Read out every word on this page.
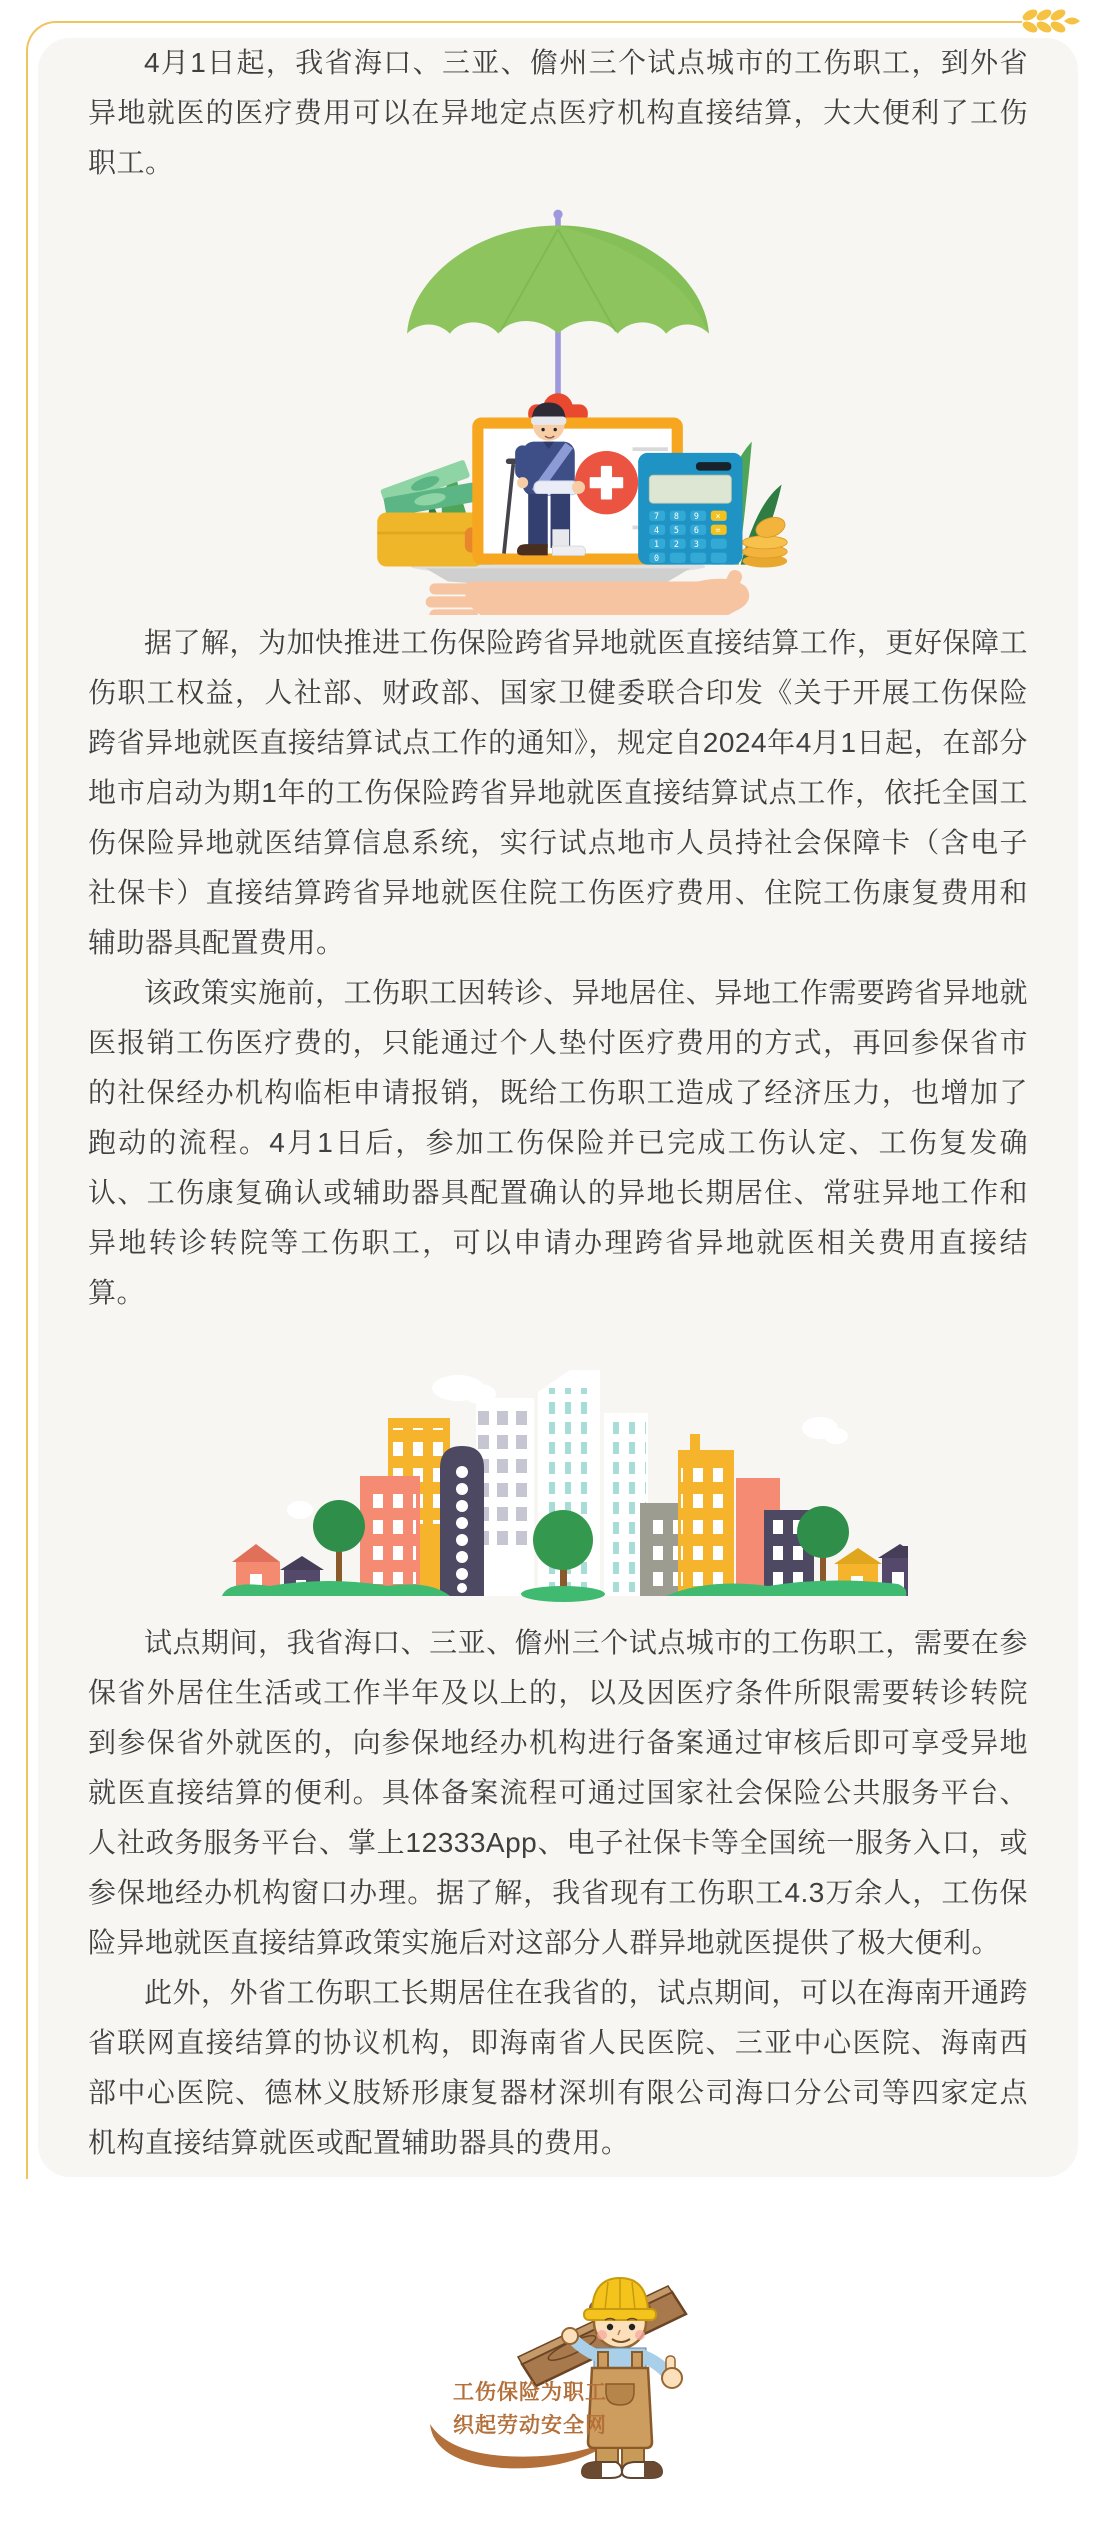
4月1日起，我省海口、三亚、儋州三个试点城市的工伤职工，到外省异地就医的医疗费用可以在异地定点医疗机构直接结算，大大便利了工伤职工。

789
456
123
0
×
=

据了解，为加快推进工伤保险跨省异地就医直接结算工作，更好保障工伤职工权益，人社部、财政部、国家卫健委联合印发《关于开展工伤保险跨省异地就医直接结算试点工作的通知》，规定自2024年4月1日起，在部分地市启动为期1年的工伤保险跨省异地就医直接结算试点工作，依托全国工伤保险异地就医结算信息系统，实行试点地市人员持社会保障卡（含电子社保卡）直接结算跨省异地就医住院工伤医疗费用、住院工伤康复费用和辅助器具配置费用。

该政策实施前，工伤职工因转诊、异地居住、异地工作需要跨省异地就医报销工伤医疗费的，只能通过个人垫付医疗费用的方式，再回参保省市的社保经办机构临柜申请报销，既给工伤职工造成了经济压力，也增加了跑动的流程。4月1日后，参加工伤保险并已完成工伤认定、工伤复发确认、工伤康复确认或辅助器具配置确认的异地长期居住、常驻异地工作和异地转诊转院等工伤职工，可以申请办理跨省异地就医相关费用直接结算。

试点期间，我省海口、三亚、儋州三个试点城市的工伤职工，需要在参保省外居住生活或工作半年及以上的，以及因医疗条件所限需要转诊转院到参保省外就医的，向参保地经办机构进行备案通过审核后即可享受异地就医直接结算的便利。具体备案流程可通过国家社会保险公共服务平台、人社政务服务平台、掌上12333App、电子社保卡等全国统一服务入口，或参保地经办机构窗口办理。据了解，我省现有工伤职工4.3万余人，工伤保险异地就医直接结算政策实施后对这部分人群异地就医提供了极大便利。

此外，外省工伤职工长期居住在我省的，试点期间，可以在海南开通跨省联网直接结算的协议机构，即海南省人民医院、三亚中心医院、海南西部中心医院、德林义肢矫形康复器材深圳有限公司海口分公司等四家定点机构直接结算就医或配置辅助器具的费用。

工伤保险为职工
织起劳动安全网
